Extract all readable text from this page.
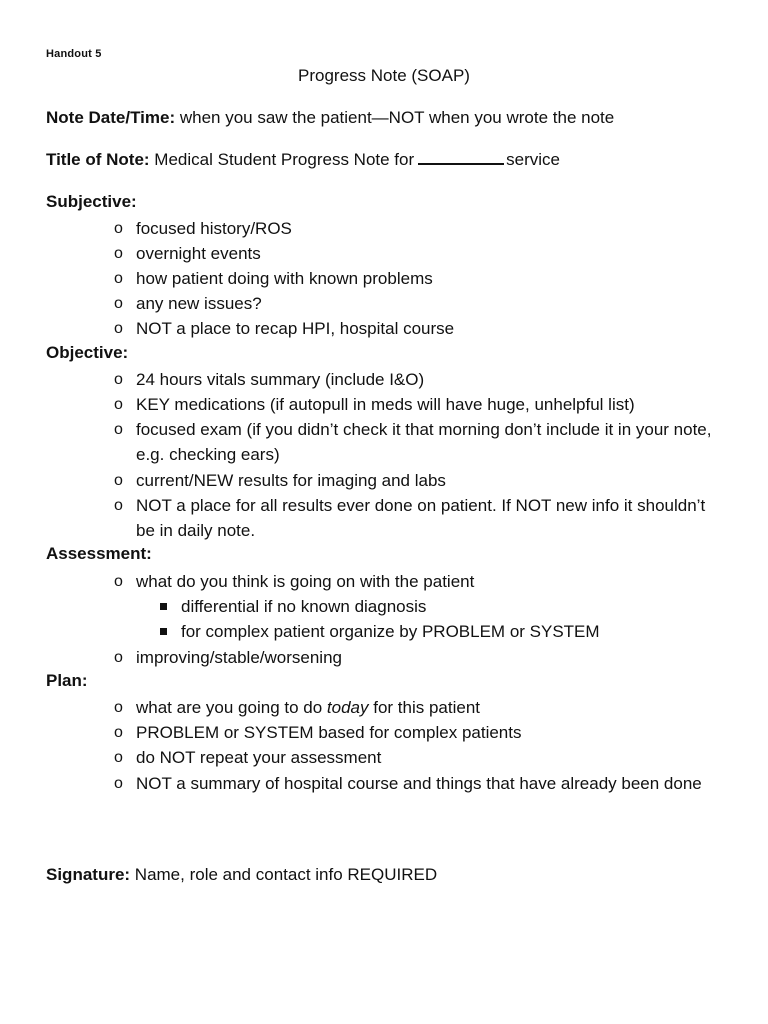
Handout 5
Progress Note (SOAP)
Note Date/Time: when you saw the patient—NOT when you wrote the note
Title of Note: Medical Student Progress Note for	service
Subjective:
o focused history/ROS
o overnight events
o how patient doing with known problems
o any new issues?
o NOT a place to recap HPI, hospital course
Objective:
o 24 hours vitals summary (include I&O)
o KEY medications (if autopull in meds will have huge, unhelpful list)
o focused exam (if you didn’t check it that morning don’t include it in your note, e.g. checking ears)
o current/NEW results for imaging and labs
o NOT a place for all results ever done on patient. If NOT new info it shouldn’t be in daily note.
Assessment:
o what do you think is going on with the patient
differential if no known diagnosis
for complex patient organize by PROBLEM or SYSTEM
o improving/stable/worsening
Plan:
o what are you going to do today for this patient
o PROBLEM or SYSTEM based for complex patients
o do NOT repeat your assessment
o NOT a summary of hospital course and things that have already been done
Signature: Name, role and contact info REQUIRED
